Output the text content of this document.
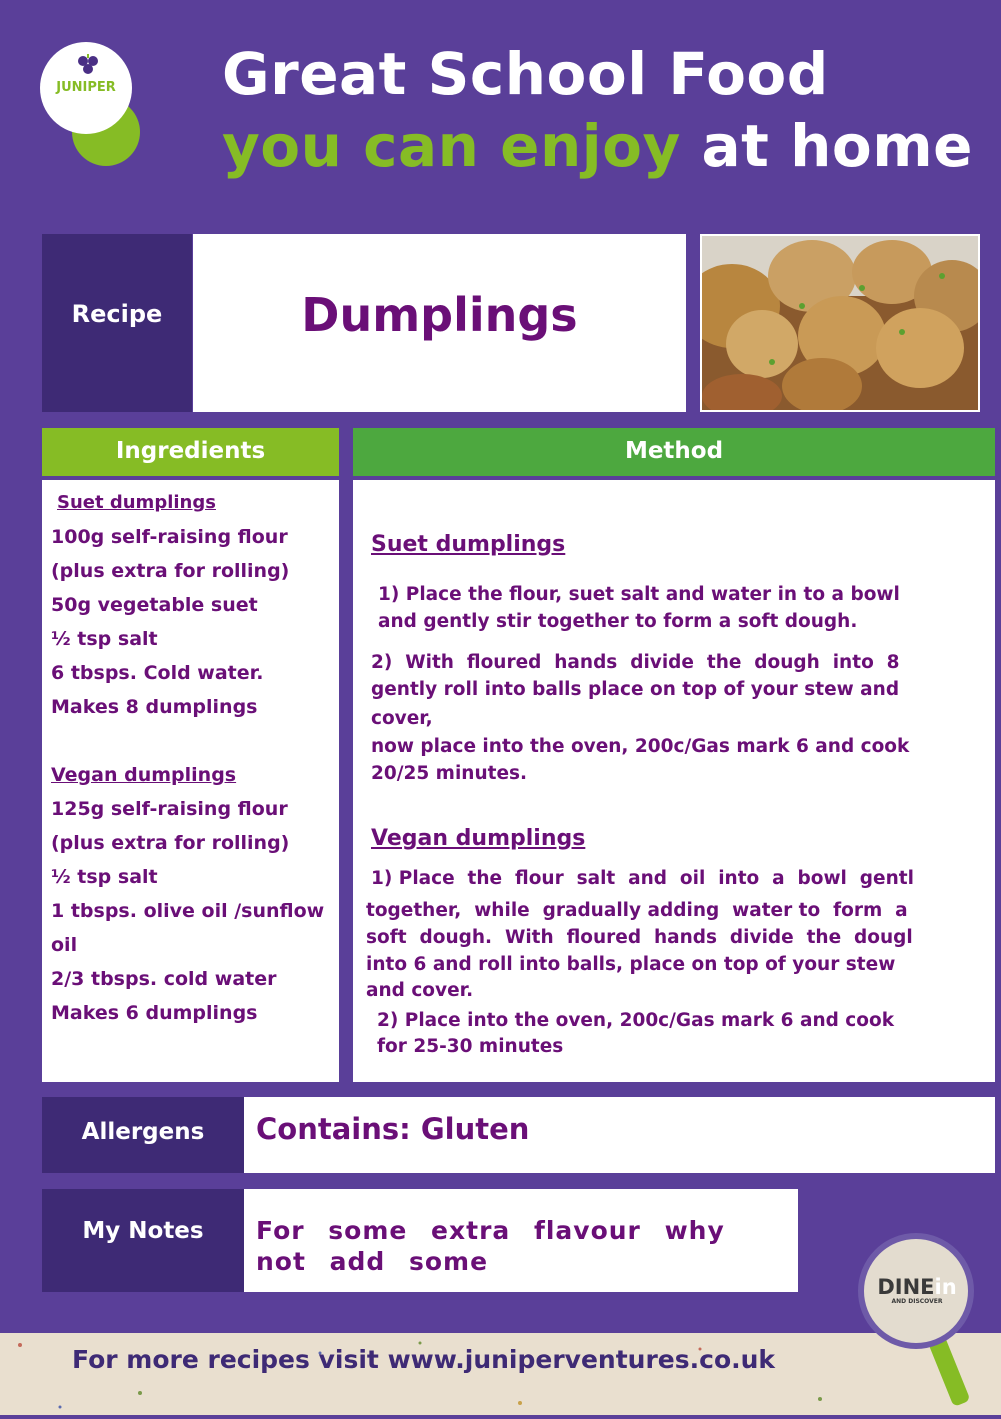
JUNIPER Great School Food
you can enjoy at home
Recipe	Dumplings
Ingredients
Suet dumplings
100g self-raising flour
(plus extra for rolling)
50g vegetable suet
½ tsp salt
6 tbsps. Cold water.
Makes 8 dumplings
Vegan dumplings
125g self-raising flour
(plus extra for rolling)
½ tsp salt
1 tbsps. olive oil /sunflow
oil
2/3 tbsps. cold water
Makes 6 dumplings
Method
Suet dumplings
1) Place the flour, suet salt and water in to a bowl
and gently stir together to form a soft dough.
2)  With  floured  hands  divide  the  dough  into  8
gently roll into balls place on top of your stew and
cover,
now place into the oven, 200c/Gas mark 6 and cook
20/25 minutes.
Vegan dumplings
1) Place  the  flour  salt  and  oil  into  a  bowl  gentl
together,  while  gradually adding  water to  form  a
soft  dough.  With  floured  hands  divide  the  dougl
into 6 and roll into balls, place on top of your stew
and cover.
2) Place into the oven, 200c/Gas mark 6 and cook
for 25-30 minutes
Allergens	Contains: Gluten
My Notes	For some extra flavour why not add some
For more recipes visit www.juniperventures.co.uk
DINEin
AND DISCOVER
